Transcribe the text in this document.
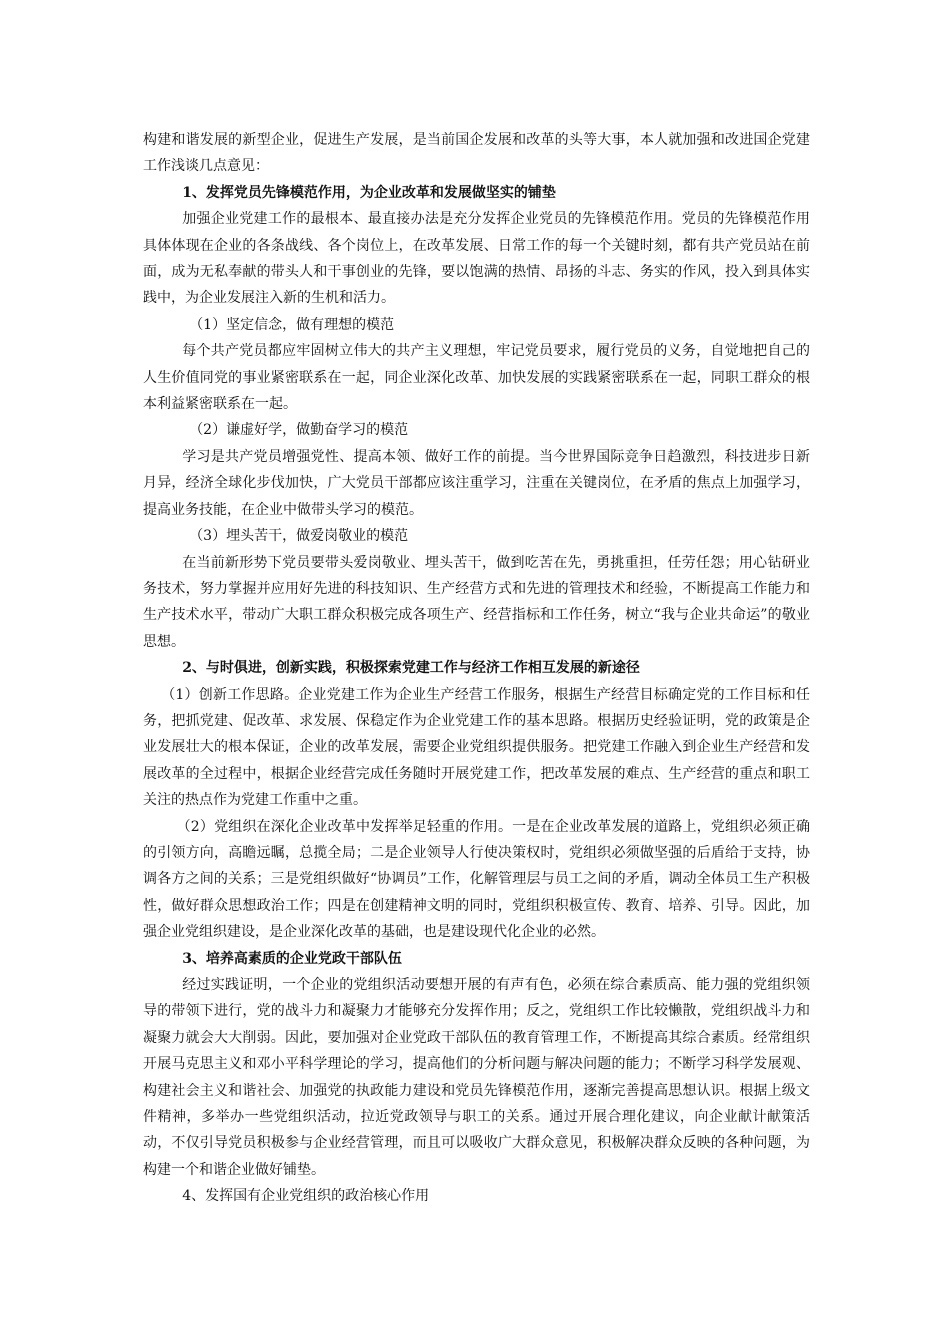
构建和谐发展的新型企业，促进生产发展，是当前国企发展和改革的头等大事，本人就加强和改进国企党建工作浅谈几点意见：

1、发挥党员先锋模范作用，为企业改革和发展做坚实的铺垫

加强企业党建工作的最根本、最直接办法是充分发挥企业党员的先锋模范作用。党员的先锋模范作用具体体现在企业的各条战线、各个岗位上，在改革发展、日常工作的每一个关键时刻，都有共产党员站在前面，成为无私奉献的带头人和干事创业的先锋，要以饱满的热情、昂扬的斗志、务实的作风，投入到具体实践中，为企业发展注入新的生机和活力。

（1）坚定信念，做有理想的模范

每个共产党员都应牢固树立伟大的共产主义理想，牢记党员要求，履行党员的义务，自觉地把自己的人生价值同党的事业紧密联系在一起，同企业深化改革、加快发展的实践紧密联系在一起，同职工群众的根本利益紧密联系在一起。

（2）谦虚好学，做勤奋学习的模范

学习是共产党员增强党性、提高本领、做好工作的前提。当今世界国际竞争日趋激烈，科技进步日新月异，经济全球化步伐加快，广大党员干部都应该注重学习，注重在关键岗位，在矛盾的焦点上加强学习，提高业务技能，在企业中做带头学习的模范。

（3）埋头苦干，做爱岗敬业的模范

在当前新形势下党员要带头爱岗敬业、埋头苦干，做到吃苦在先，勇挑重担，任劳任怨；用心钻研业务技术，努力掌握并应用好先进的科技知识、生产经营方式和先进的管理技术和经验，不断提高工作能力和生产技术水平，带动广大职工群众积极完成各项生产、经营指标和工作任务，树立“我与企业共命运”的敬业思想。

2、与时俱进，创新实践，积极探索党建工作与经济工作相互发展的新途径

（1）创新工作思路。企业党建工作为企业生产经营工作服务，根据生产经营目标确定党的工作目标和任务，把抓党建、促改革、求发展、保稳定作为企业党建工作的基本思路。根据历史经验证明，党的政策是企业发展壮大的根本保证，企业的改革发展，需要企业党组织提供服务。把党建工作融入到企业生产经营和发展改革的全过程中，根据企业经营完成任务随时开展党建工作，把改革发展的难点、生产经营的重点和职工关注的热点作为党建工作重中之重。

（2）党组织在深化企业改革中发挥举足轻重的作用。一是在企业改革发展的道路上，党组织必须正确的引领方向，高瞻远瞩，总揽全局；二是企业领导人行使决策权时，党组织必须做坚强的后盾给于支持，协调各方之间的关系；三是党组织做好“协调员”工作，化解管理层与员工之间的矛盾，调动全体员工生产积极性，做好群众思想政治工作；四是在创建精神文明的同时，党组织积极宣传、教育、培养、引导。因此，加强企业党组织建设，是企业深化改革的基础，也是建设现代化企业的必然。

3、培养高素质的企业党政干部队伍

经过实践证明，一个企业的党组织活动要想开展的有声有色，必须在综合素质高、能力强的党组织领导的带领下进行，党的战斗力和凝聚力才能够充分发挥作用；反之，党组织工作比较懒散，党组织战斗力和凝聚力就会大大削弱。因此，要加强对企业党政干部队伍的教育管理工作，不断提高其综合素质。经常组织开展马克思主义和邓小平科学理论的学习，提高他们的分析问题与解决问题的能力；不断学习科学发展观、构建社会主义和谐社会、加强党的执政能力建设和党员先锋模范作用，逐渐完善提高思想认识。根据上级文件精神，多举办一些党组织活动，拉近党政领导与职工的关系。通过开展合理化建议，向企业献计献策活动，不仅引导党员积极参与企业经营管理，而且可以吸收广大群众意见，积极解决群众反映的各种问题，为构建一个和谐企业做好铺垫。

4、发挥国有企业党组织的政治核心作用
